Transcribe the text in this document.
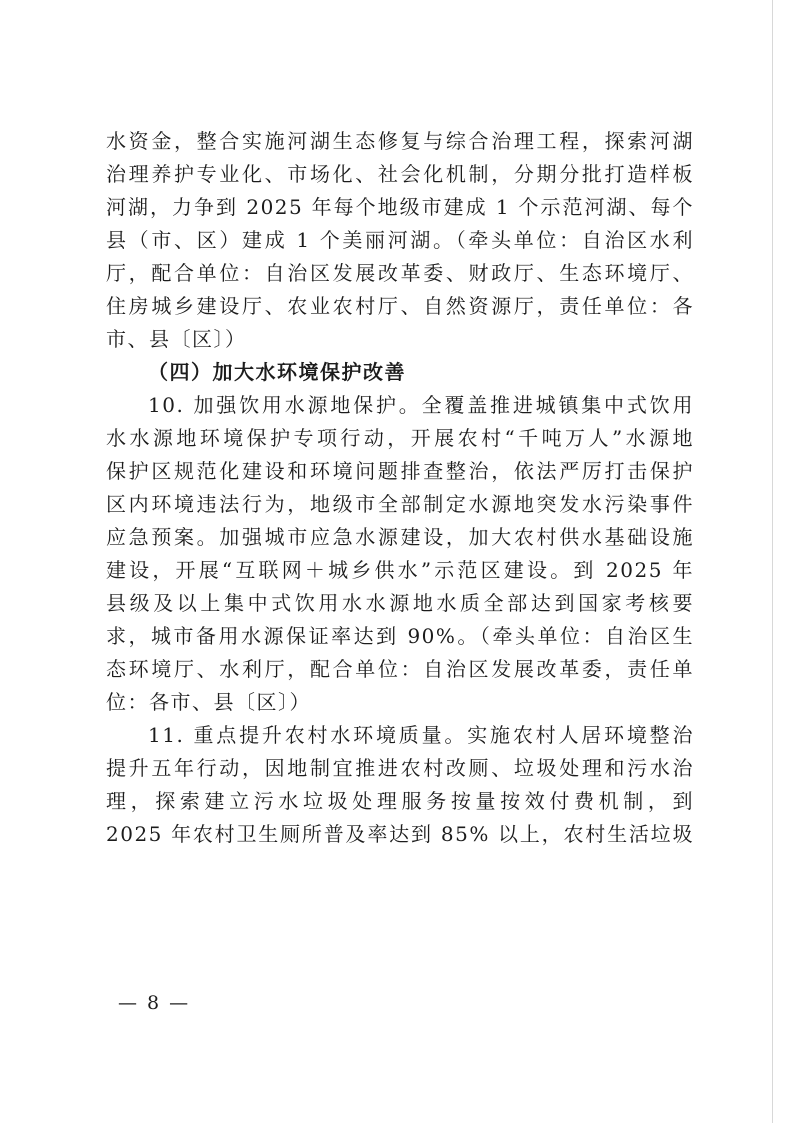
水资金，整合实施河湖生态修复与综合治理工程，探索河湖
治理养护专业化、市场化、社会化机制，分期分批打造样板
河湖，力争到 2025 年每个地级市建成 1 个示范河湖、每个
县（市、区）建成 1 个美丽河湖。（牵头单位：自治区水利
厅，配合单位：自治区发展改革委、财政厅、生态环境厅、
住房城乡建设厅、农业农村厅、自然资源厅，责任单位：各
市、县〔区〕）
（四）加大水环境保护改善
10. 加强饮用水源地保护。全覆盖推进城镇集中式饮用
水水源地环境保护专项行动，开展农村“千吨万人”水源地
保护区规范化建设和环境问题排查整治，依法严厉打击保护
区内环境违法行为，地级市全部制定水源地突发水污染事件
应急预案。加强城市应急水源建设，加大农村供水基础设施
建设，开展“互联网＋城乡供水”示范区建设。到 2025 年
县级及以上集中式饮用水水源地水质全部达到国家考核要
求，城市备用水源保证率达到 90%。（牵头单位：自治区生
态环境厅、水利厅，配合单位：自治区发展改革委，责任单
位：各市、县〔区〕）
11. 重点提升农村水环境质量。实施农村人居环境整治
提升五年行动，因地制宜推进农村改厕、垃圾处理和污水治
理，探索建立污水垃圾处理服务按量按效付费机制，到
2025 年农村卫生厕所普及率达到 85% 以上，农村生活垃圾
— 8 —
